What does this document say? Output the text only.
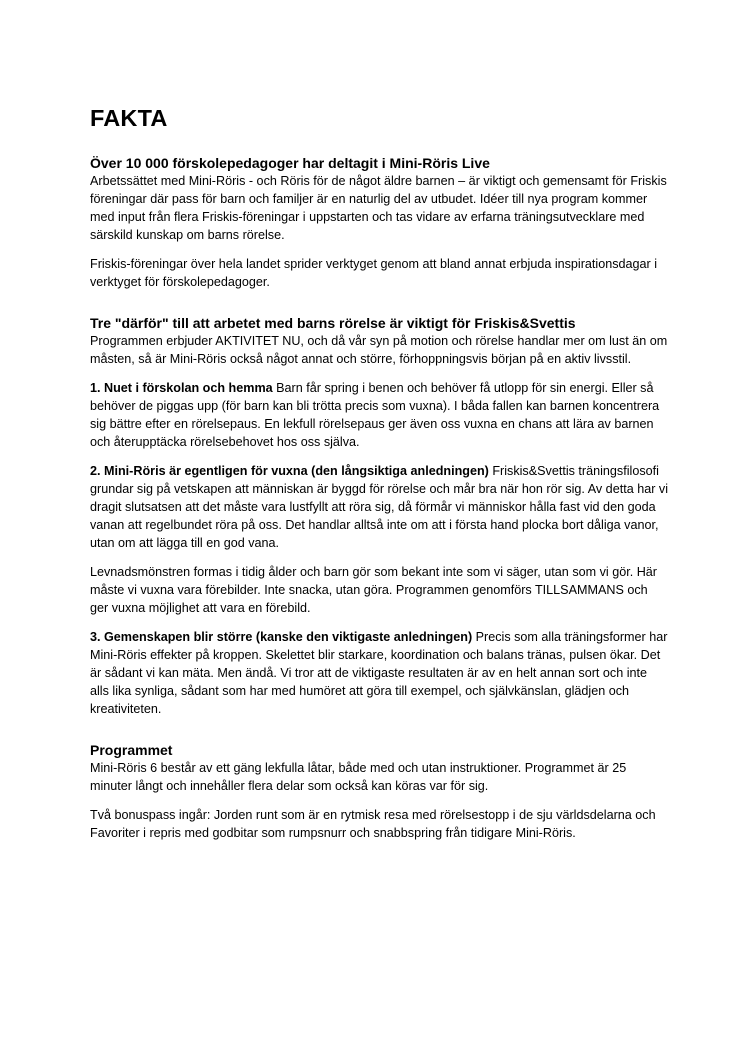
FAKTA
Över 10 000 förskolepedagoger har deltagit i Mini-Röris Live

Arbetssättet med Mini-Röris - och Röris för de något äldre barnen – är viktigt och gemensamt för Friskis föreningar där pass för barn och familjer är en naturlig del av utbudet. Idéer till nya program kommer med input från flera Friskis-föreningar i uppstarten och tas vidare av erfarna träningsutvecklare med särskild kunskap om barns rörelse.

Friskis-föreningar över hela landet sprider verktyget genom att bland annat erbjuda inspirationsdagar i verktyget för förskolepedagoger.

Tre "därför" till att arbetet med barns rörelse är viktigt för Friskis&Svettis

Programmen erbjuder AKTIVITET NU, och då vår syn på motion och rörelse handlar mer om lust än om måsten, så är Mini-Röris också något annat och större, förhoppningsvis början på en aktiv livsstil.

1. Nuet i förskolan och hemma Barn får spring i benen och behöver få utlopp för sin energi. Eller så behöver de piggas upp (för barn kan bli trötta precis som vuxna). I båda fallen kan barnen koncentrera sig bättre efter en rörelsepaus. En lekfull rörelsepaus ger även oss vuxna en chans att lära av barnen och återupptäcka rörelsebehovet hos oss själva.

2. Mini-Röris är egentligen för vuxna (den långsiktiga anledningen) Friskis&Svettis träningsfilosofi grundar sig på vetskapen att människan är byggd för rörelse och mår bra när hon rör sig. Av detta har vi dragit slutsatsen att det måste vara lustfyllt att röra sig, då förmår vi människor hålla fast vid den goda vanan att regelbundet röra på oss. Det handlar alltså inte om att i första hand plocka bort dåliga vanor, utan om att lägga till en god vana.

Levnadsmönstren formas i tidig ålder och barn gör som bekant inte som vi säger, utan som vi gör. Här måste vi vuxna vara förebilder. Inte snacka, utan göra. Programmen genomförs TILLSAMMANS och ger vuxna möjlighet att vara en förebild.

3. Gemenskapen blir större (kanske den viktigaste anledningen) Precis som alla träningsformer har Mini-Röris effekter på kroppen. Skelettet blir starkare, koordination och balans tränas, pulsen ökar. Det är sådant vi kan mäta. Men ändå. Vi tror att de viktigaste resultaten är av en helt annan sort och inte alls lika synliga, sådant som har med humöret att göra till exempel, och självkänslan, glädjen och kreativiteten.

Programmet

Mini-Röris 6 består av ett gäng lekfulla låtar, både med och utan instruktioner. Programmet är 25 minuter långt och innehåller flera delar som också kan köras var för sig.

Två bonuspass ingår: Jorden runt som är en rytmisk resa med rörelsestopp i de sju världsdelarna och Favoriter i repris med godbitar som rumpsnurr och snabbspring från tidigare Mini-Röris.
